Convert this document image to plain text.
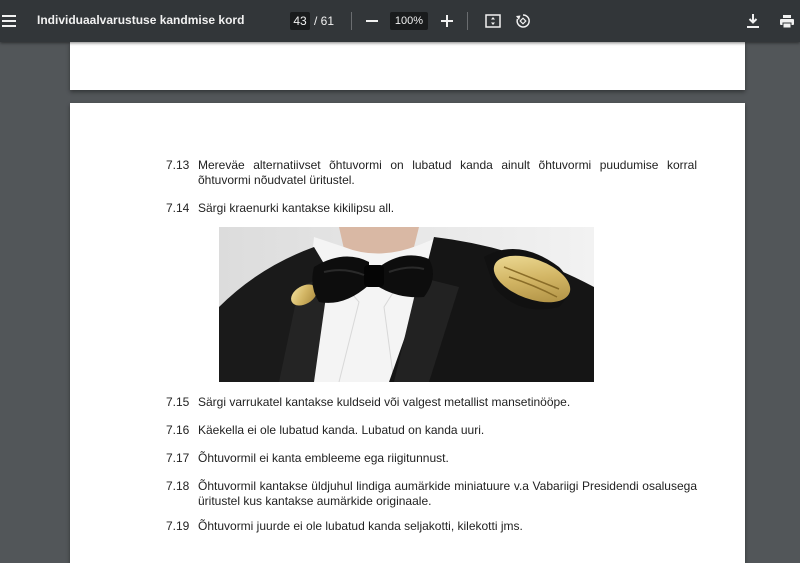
Individuaalvarustuse kandmise kord	43 / 61	100%
7.13 Mereväe alternatiivset õhtuvormi on lubatud kanda ainult õhtuvormi puudumise korral õhtuvormi nõudvatel üritustel.
7.14 Särgi kraenurki kantakse kikilipsu all.
7.15 Särgi varrukatel kantakse kuldseid või valgest metallist mansetinööpe.
7.16 Käekella ei ole lubatud kanda. Lubatud on kanda uuri.
7.17 Õhtuvormil ei kanta embleeme ega riigitunnust.
7.18 Õhtuvormil kantakse üldjuhul lindiga aumärkide miniatuure v.a Vabariigi Presidendi osalusega üritustel kus kantakse aumärkide originaale.
7.19 Õhtuvormi juurde ei ole lubatud kanda seljakotti, kilekotti jms.
